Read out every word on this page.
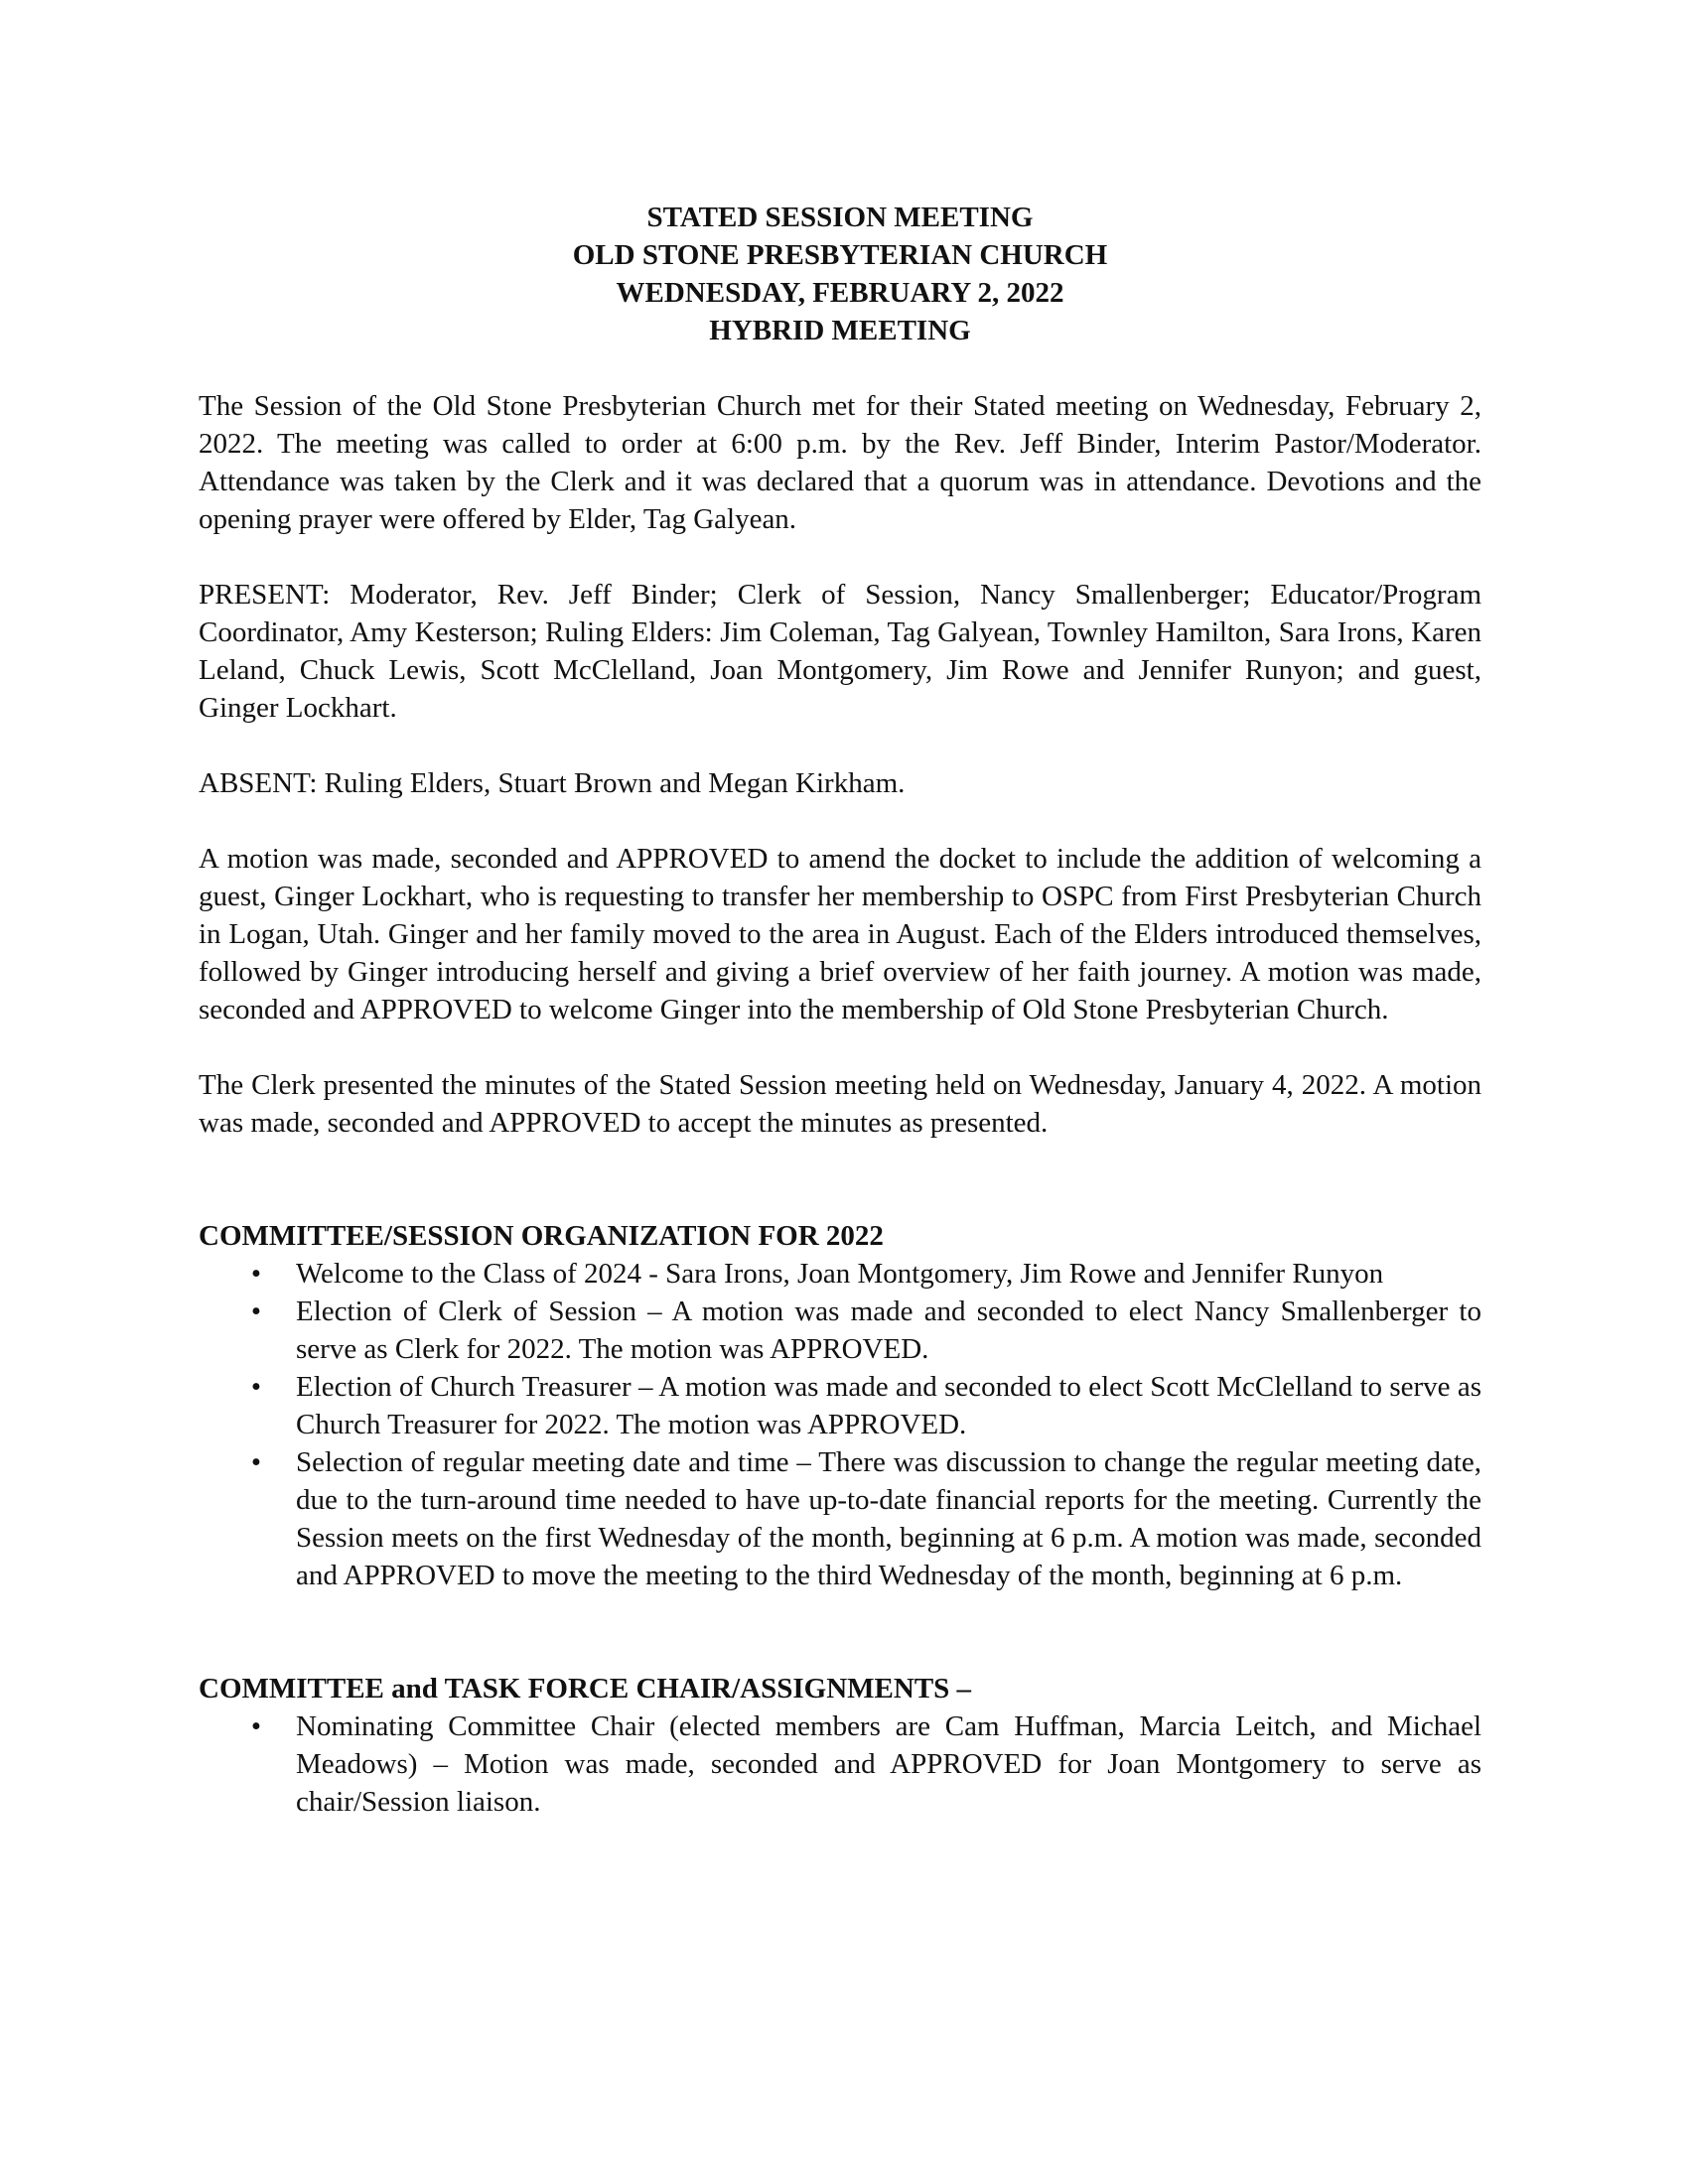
STATED SESSION MEETING
OLD STONE PRESBYTERIAN CHURCH
WEDNESDAY, FEBRUARY 2, 2022
HYBRID MEETING

The Session of the Old Stone Presbyterian Church met for their Stated meeting on Wednesday, February 2, 2022. The meeting was called to order at 6:00 p.m. by the Rev. Jeff Binder, Interim Pastor/Moderator. Attendance was taken by the Clerk and it was declared that a quorum was in attendance. Devotions and the opening prayer were offered by Elder, Tag Galyean.

PRESENT: Moderator, Rev. Jeff Binder; Clerk of Session, Nancy Smallenberger; Educator/Program Coordinator, Amy Kesterson; Ruling Elders: Jim Coleman, Tag Galyean, Townley Hamilton, Sara Irons, Karen Leland, Chuck Lewis, Scott McClelland, Joan Montgomery, Jim Rowe and Jennifer Runyon; and guest, Ginger Lockhart.

ABSENT: Ruling Elders, Stuart Brown and Megan Kirkham.

A motion was made, seconded and APPROVED to amend the docket to include the addition of welcoming a guest, Ginger Lockhart, who is requesting to transfer her membership to OSPC from First Presbyterian Church in Logan, Utah. Ginger and her family moved to the area in August. Each of the Elders introduced themselves, followed by Ginger introducing herself and giving a brief overview of her faith journey. A motion was made, seconded and APPROVED to welcome Ginger into the membership of Old Stone Presbyterian Church.

The Clerk presented the minutes of the Stated Session meeting held on Wednesday, January 4, 2022. A motion was made, seconded and APPROVED to accept the minutes as presented.

COMMITTEE/SESSION ORGANIZATION FOR 2022
• Welcome to the Class of 2024 - Sara Irons, Joan Montgomery, Jim Rowe and Jennifer Runyon
• Election of Clerk of Session – A motion was made and seconded to elect Nancy Smallenberger to serve as Clerk for 2022. The motion was APPROVED.
• Election of Church Treasurer – A motion was made and seconded to elect Scott McClelland to serve as Church Treasurer for 2022. The motion was APPROVED.
• Selection of regular meeting date and time – There was discussion to change the regular meeting date, due to the turn-around time needed to have up-to-date financial reports for the meeting. Currently the Session meets on the first Wednesday of the month, beginning at 6 p.m. A motion was made, seconded and APPROVED to move the meeting to the third Wednesday of the month, beginning at 6 p.m.
COMMITTEE and TASK FORCE CHAIR/ASSIGNMENTS –
• Nominating Committee Chair (elected members are Cam Huffman, Marcia Leitch, and Michael Meadows) – Motion was made, seconded and APPROVED for Joan Montgomery to serve as chair/Session liaison.
